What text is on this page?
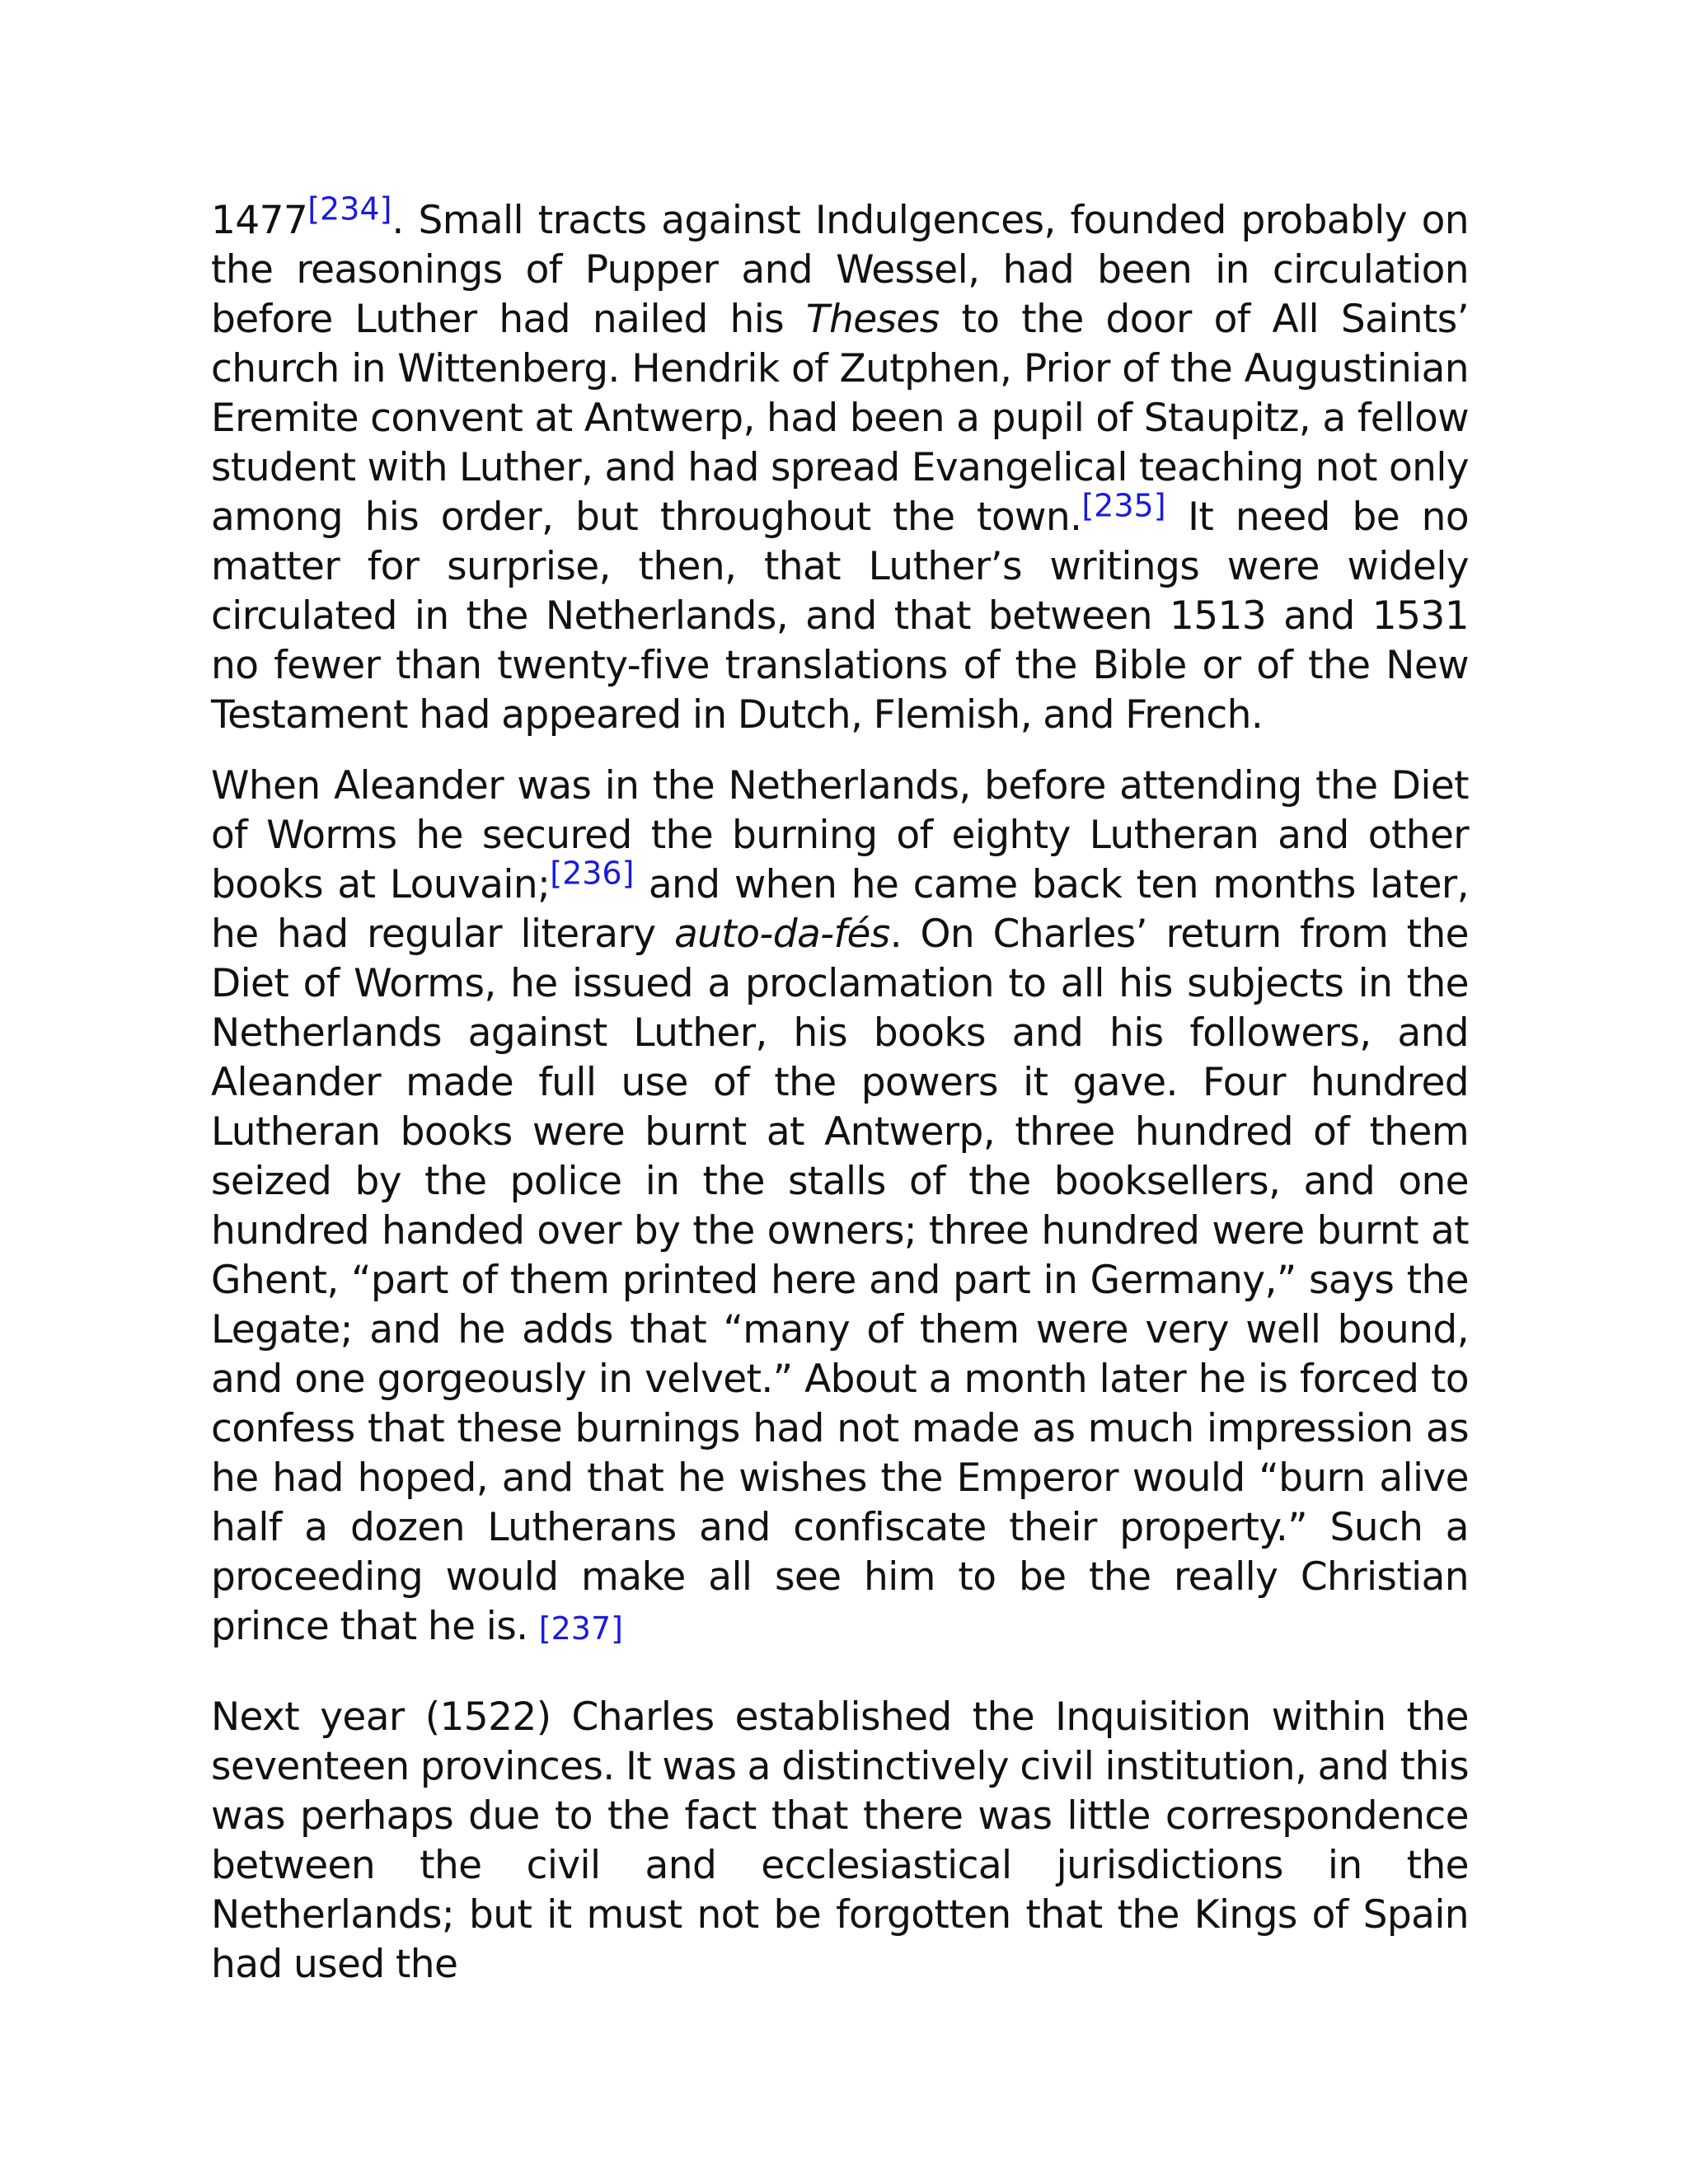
1477[234]. Small tracts against Indulgences, founded probably on the reasonings of Pupper and Wessel, had been in circulation before Luther had nailed his Theses to the door of All Saints’ church in Wittenberg. Hendrik of Zutphen, Prior of the Augustinian Eremite convent at Antwerp, had been a pupil of Staupitz, a fellow student with Luther, and had spread Evangelical teaching not only among his order, but throughout the town.[235] It need be no matter for surprise, then, that Luther’s writings were widely circulated in the Netherlands, and that between 1513 and 1531 no fewer than twenty-five translations of the Bible or of the New Testament had appeared in Dutch, Flemish, and French.

When Aleander was in the Netherlands, before attending the Diet of Worms he secured the burning of eighty Lutheran and other books at Louvain;[236] and when he came back ten months later, he had regular literary auto-da-fés. On Charles’ return from the Diet of Worms, he issued a proclamation to all his subjects in the Netherlands against Luther, his books and his followers, and Aleander made full use of the powers it gave. Four hundred Lutheran books were burnt at Antwerp, three hundred of them seized by the police in the stalls of the booksellers, and one hundred handed over by the owners; three hundred were burnt at Ghent, “part of them printed here and part in Germany,” says the Legate; and he adds that “many of them were very well bound, and one gorgeously in velvet.” About a month later he is forced to confess that these burnings had not made as much impression as he had hoped, and that he wishes the Emperor would “burn alive half a dozen Lutherans and confiscate their property.” Such a proceeding would make all see him to be the really Christian prince that he is. [237]

Next year (1522) Charles established the Inquisition within the seventeen provinces. It was a distinctively civil institution, and this was perhaps due to the fact that there was little correspondence between the civil and ecclesiastical jurisdictions in the Netherlands; but it must not be forgotten that the Kings of Spain had used the
